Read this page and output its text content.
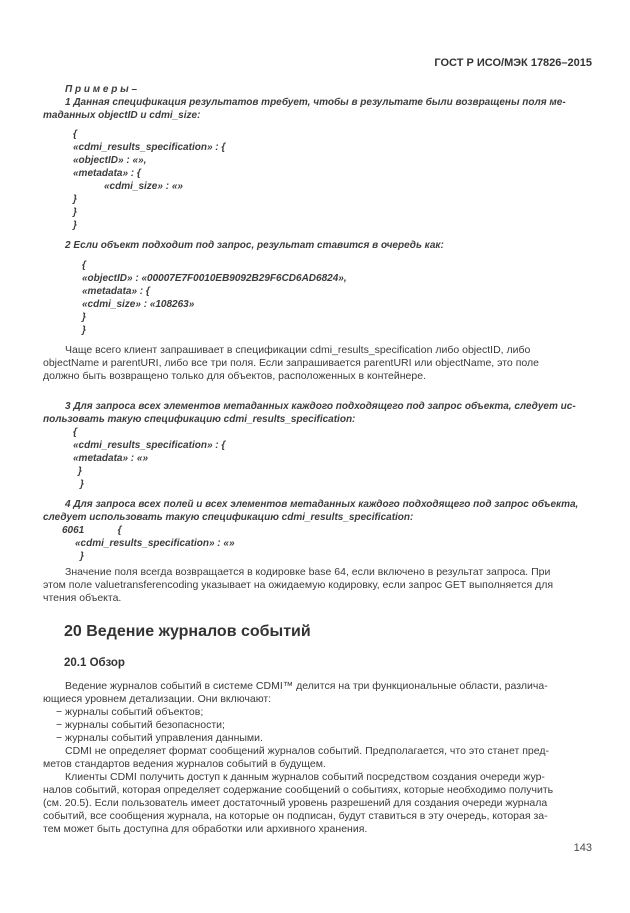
ГОСТ Р ИСО/МЭК 17826–2015
П р и м е р ы –
1 Данная спецификация результатов требует, чтобы в результате были возвращены поля ме-
таданных objectID и cdmi_size:
{
«cdmi_results_specification» : {
«objectID» : «»,
«metadata» : {
«cdmi_size» : «»
}
}
}
2 Если объект подходит под запрос, результат ставится в очередь как:
{
«objectID» : «00007E7F0010EB9092B29F6CD6AD6824»,
«metadata» : {
«cdmi_size» : «108263»
}
}
Чаще всего клиент запрашивает в спецификации cdmi_results_specification либо objectID, либо
objectName и parentURI, либо все три поля. Если запрашивается parentURI или objectName, это поле
должно быть возвращено только для объектов, расположенных в контейнере.
3 Для запроса всех элементов метаданных каждого подходящего под запрос объекта, следует ис-
пользовать такую спецификацию cdmi_results_specification:
{
«cdmi_results_specification» : {
«metadata» : «»
}
}
4 Для запроса всех полей и всех элементов метаданных каждого подходящего под запрос объекта,
следует использовать такую спецификацию cdmi_results_specification:
6061            {
«cdmi_results_specification» : «»
}
Значение поля всегда возвращается в кодировке base 64, если включено в результат запроса. При
этом поле valuetransferencoding указывает на ожидаемую кодировку, если запрос GET выполняется для
чтения объекта.
20 Ведение журналов событий
20.1 Обзор
Ведение журналов событий в системе CDMI™ делится на три функциональные области, различа-
ющиеся уровнем детализации. Они включают:
− журналы событий объектов;
− журналы событий безопасности;
− журналы событий управления данными.
CDMI не определяет формат сообщений журналов событий. Предполагается, что это станет пред-
метов стандартов ведения журналов событий в будущем.
Клиенты CDMI получить доступ к данным журналов событий посредством создания очереди жур-
налов событий, которая определяет содержание сообщений о событиях, которые необходимо получить
(см. 20.5). Если пользователь имеет достаточный уровень разрешений для создания очереди журнала
событий, все сообщения журнала, на которые он подписан, будут ставиться в эту очередь, которая за-
тем может быть доступна для обработки или архивного хранения.
143
